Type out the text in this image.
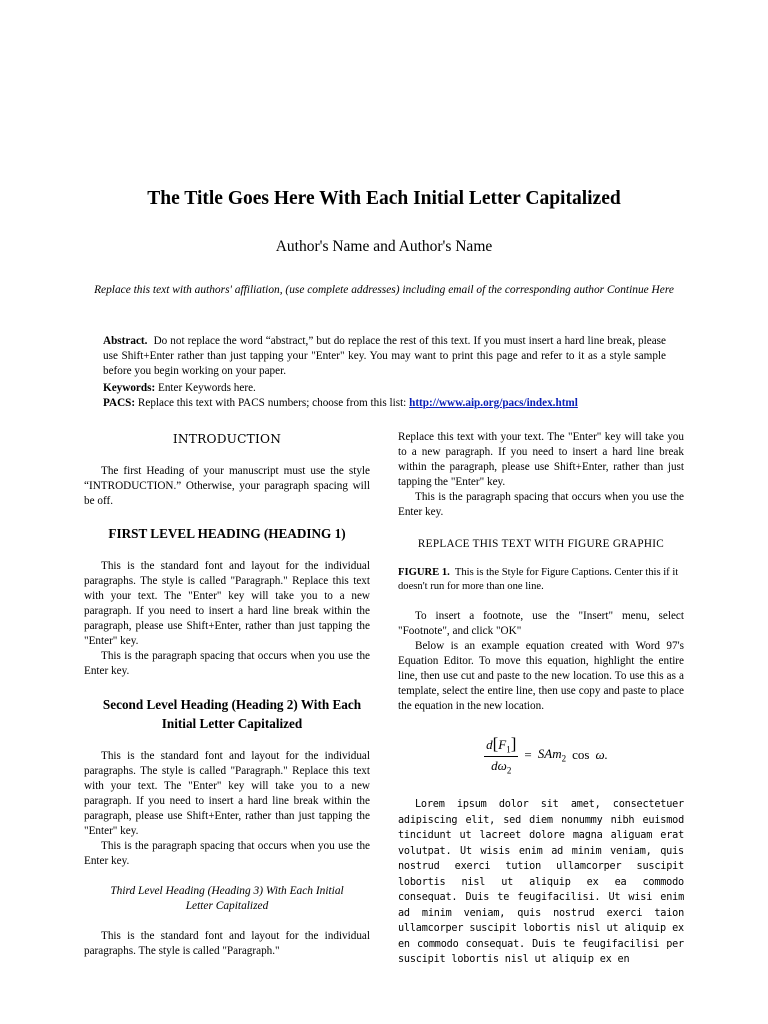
The Title Goes Here With Each Initial Letter Capitalized
Author's Name and Author's Name
Replace this text with authors' affiliation, (use complete addresses) including email of the corresponding author Continue Here
Abstract. Do not replace the word “abstract,” but do replace the rest of this text. If you must insert a hard line break, please use Shift+Enter rather than just tapping your "Enter" key. You may want to print this page and refer to it as a style sample before you begin working on your paper.
Keywords: Enter Keywords here.
PACS: Replace this text with PACS numbers; choose from this list: http://www.aip.org/pacs/index.html

INTRODUCTION

The first Heading of your manuscript must use the style “INTRODUCTION.” Otherwise, your paragraph spacing will be off.

FIRST LEVEL HEADING (HEADING 1)

This is the standard font and layout for the individual paragraphs. The style is called "Paragraph." Replace this text with your text. The "Enter" key will take you to a new paragraph. If you need to insert a hard line break within the paragraph, please use Shift+Enter, rather than just tapping the "Enter" key.

This is the paragraph spacing that occurs when you use the Enter key.

Second Level Heading (Heading 2) With Each Initial Letter Capitalized

This is the standard font and layout for the individual paragraphs. The style is called "Paragraph." Replace this text with your text. The "Enter" key will take you to a new paragraph. If you need to insert a hard line break within the paragraph, please use Shift+Enter, rather than just tapping the "Enter" key.

This is the paragraph spacing that occurs when you use the Enter key.

Third Level Heading (Heading 3) With Each Initial Letter Capitalized

This is the standard font and layout for the individual paragraphs. The style is called "Paragraph."

Replace this text with your text. The "Enter" key will take you to a new paragraph. If you need to insert a hard line break within the paragraph, please use Shift+Enter, rather than just tapping the "Enter" key.

This is the paragraph spacing that occurs when you use the Enter key.

REPLACE THIS TEXT WITH FIGURE GRAPHIC

FIGURE 1. This is the Style for Figure Captions. Center this if it doesn't run for more than one line.

To insert a footnote, use the "Insert" menu, select "Footnote", and click "OK"

Below is an example equation created with Word 97's Equation Editor. To move this equation, highlight the entire line, then use cut and paste to the new location. To use this as a template, select the entire line, then use copy and paste to place the equation in the new location.

$\frac{d[F_1]}{d\omega_2} = SAm_2$ cos ω.

Lorem ipsum dolor sit amet, consectetuer adipiscing elit, sed diem nonummy nibh euismod tincidunt ut lacreet dolore magna aliguam erat volutpat. Ut wisis enim ad minim veniam, quis nostrud exerci tution ullamcorper suscipit lobortis nisl ut aliquip ex ea commodo consequat. Duis te feugifacilisi. Ut wisi enim ad minim veniam, quis nostrud exerci taion ullamcorper suscipit lobortis nisl ut aliquip ex en commodo consequat. Duis te feugifacilisi per suscipit lobortis nisl ut aliquip ex en
